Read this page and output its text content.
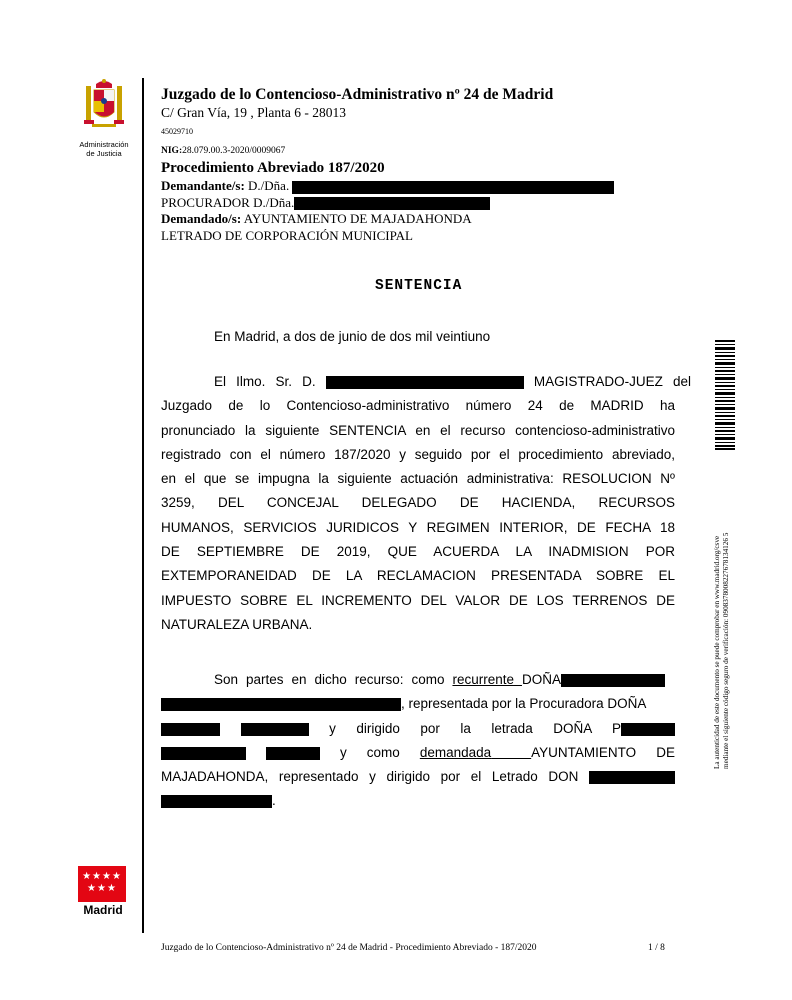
Administración
de Justicia
Juzgado de lo Contencioso-Administrativo nº 24 de Madrid
C/ Gran Vía, 19 , Planta 6 - 28013
45029710
NIG:28.079.00.3-2020/0009067
Procedimiento Abreviado 187/2020
Demandante/s: D./Dña.
PROCURADOR D./Dña.
Demandado/s: AYUNTAMIENTO DE MAJADAHONDA
LETRADO DE CORPORACIÓN MUNICIPAL
SENTENCIA
En Madrid, a dos de junio de dos mil veintiuno
El Ilmo. Sr. D.	MAGISTRADO-JUEZ del
Juzgado de lo Contencioso-administrativo número 24 de MADRID ha
pronunciado la siguiente SENTENCIA en el recurso contencioso-administrativo
registrado con el número 187/2020 y seguido por el procedimiento abreviado,
en el que se impugna la siguiente actuación administrativa: RESOLUCION Nº
3259, DEL CONCEJAL DELEGADO DE HACIENDA, RECURSOS
HUMANOS, SERVICIOS JURIDICOS Y REGIMEN INTERIOR, DE FECHA 18
DE SEPTIEMBRE DE 2019, QUE ACUERDA LA INADMISION POR
EXTEMPORANEIDAD DE LA RECLAMACION PRESENTADA SOBRE EL
IMPUESTO SOBRE EL INCREMENTO DEL VALOR DE LOS TERRENOS DE
NATURALEZA URBANA.
Son partes en dicho recurso: como recurrente DOÑA
, representada por la Procuradora DOÑA
y dirigido por la letrada DOÑA P
y como demandada	AYUNTAMIENTO DE
MAJADAHONDA, representado y dirigido por el Letrado DON
.
La autenticidad de este documento se puede comprobar en www.madrid.org/csve mediante el siguiente código seguro de verificación: 0908378008227678134126 5
★★★★
★★★
Madrid
Juzgado de lo Contencioso-Administrativo nº 24 de Madrid - Procedimiento Abreviado - 187/2020	1 / 8
